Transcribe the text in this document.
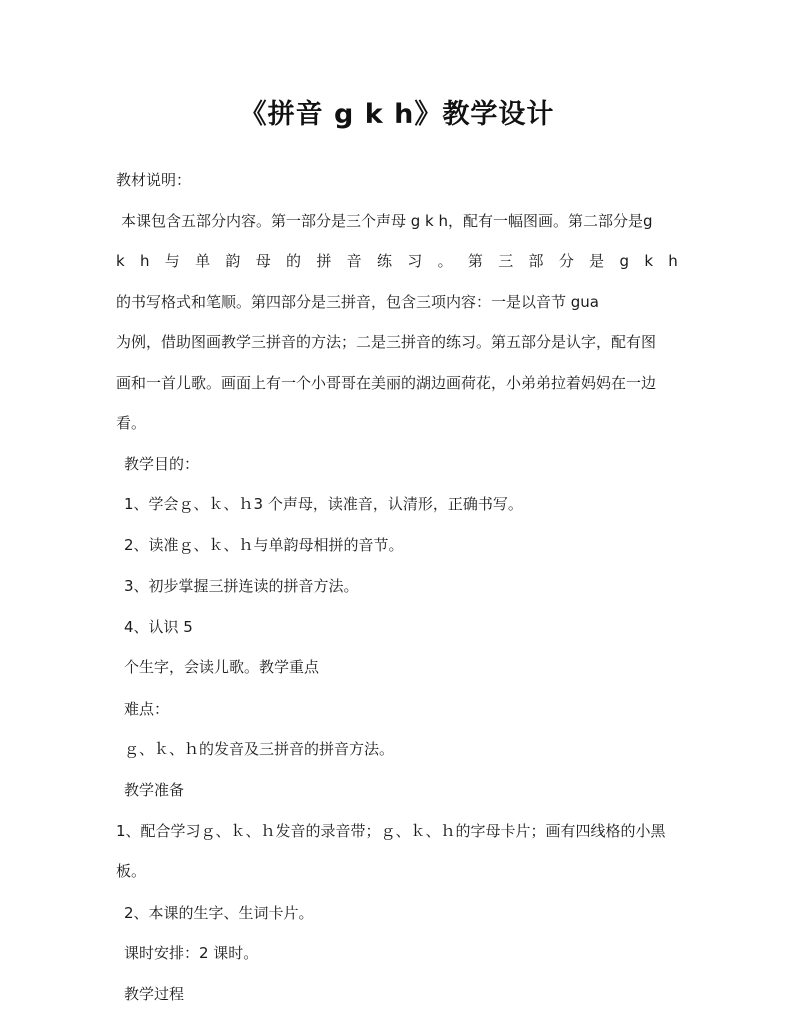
《拼音 g k h》教学设计
教材说明：
本课包含五部分内容。第一部分是三个声母 g k h，配有一幅图画。第二部分是g
k h 与 单 韵 母 的 拼 音 练 习 。 第 三 部 分 是 g k h
的书写格式和笔顺。第四部分是三拼音，包含三项内容：一是以音节 gua
为例，借助图画教学三拼音的方法；二是三拼音的练习。第五部分是认字，配有图
画和一首儿歌。画面上有一个小哥哥在美丽的湖边画荷花，小弟弟拉着妈妈在一边
看。
教学目的：
1、学会ｇ、ｋ、ｈ3 个声母，读准音，认清形，正确书写。
2、读准ｇ、ｋ、ｈ与单韵母相拼的音节。
3、初步掌握三拼连读的拼音方法。
4、认识 5
个生字，会读儿歌。教学重点
难点：
ｇ、ｋ、ｈ的发音及三拼音的拼音方法。
教学准备
1、配合学习ｇ、ｋ、ｈ发音的录音带；ｇ、ｋ、ｈ的字母卡片；画有四线格的小黑
板。
2、本课的生字、生词卡片。
课时安排：2 课时。
教学过程
